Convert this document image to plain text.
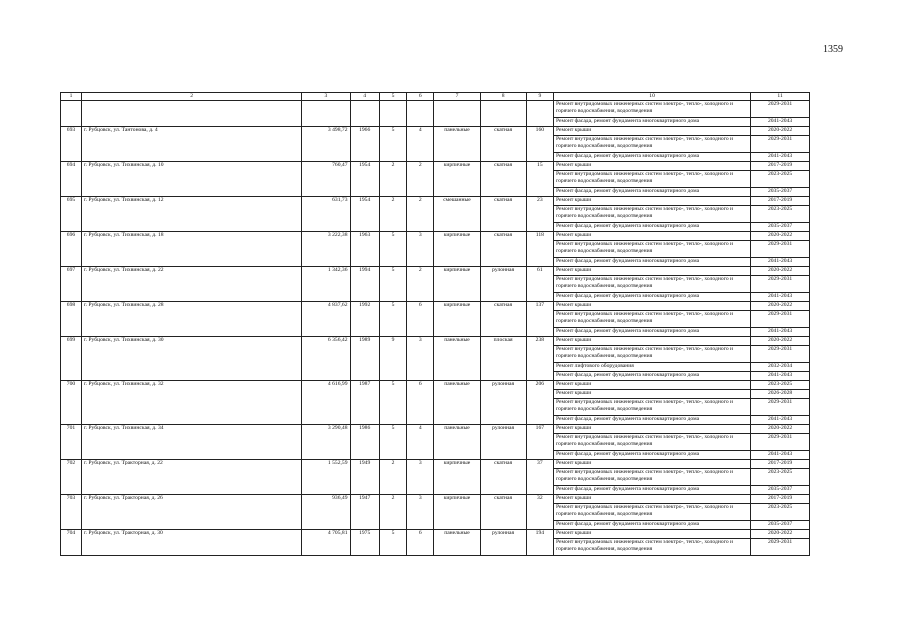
1359
1	2	3	4	5	6	7	8	9	10	11
									Ремонт внутридомовых инженерных систем электро-, тепло-, холодного и горячего водоснабжения, водоотведения	2029-2031
									Ремонт фасада, ремонт фундамента многоквартирного дома	2041-2043
693	г. Рубцовск, ул. Тантонова, д. 4	3 498,72	1966	5	4	панельные	скатная	160	Ремонт крыши	2020-2022
									Ремонт внутридомовых инженерных систем электро-, тепло-, холодного и горячего водоснабжения, водоотведения	2029-2031
									Ремонт фасада, ремонт фундамента многоквартирного дома	2041-2043
694	г. Рубцовск, ул. Тихвинская, д. 10	760,47	1954	2	2	кирпичные	скатная	15	Ремонт крыши	2017-2019
									Ремонт внутридомовых инженерных систем электро-, тепло-, холодного и горячего водоснабжения, водоотведения	2023-2025
									Ремонт фасада, ремонт фундамента многоквартирного дома	2035-2037
695	г. Рубцовск, ул. Тихвинская, д. 12	631,73	1954	2	2	смешанные	скатная	23	Ремонт крыши	2017-2019
									Ремонт внутридомовых инженерных систем электро-, тепло-, холодного и горячего водоснабжения, водоотведения	2023-2025
									Ремонт фасада, ремонт фундамента многоквартирного дома	2035-2037
696	г. Рубцовск, ул. Тихвинская, д. 18	3 222,38	1963	5	3	кирпичные	скатная	118	Ремонт крыши	2020-2022
									Ремонт внутридомовых инженерных систем электро-, тепло-, холодного и горячего водоснабжения, водоотведения	2029-2031
									Ремонт фасада, ремонт фундамента многоквартирного дома	2041-2043
697	г. Рубцовск, ул. Тихвинская, д. 22	1 342,36	1994	5	2	кирпичные	рулонная	61	Ремонт крыши	2020-2022
									Ремонт внутридомовых инженерных систем электро-, тепло-, холодного и горячего водоснабжения, водоотведения	2029-2031
									Ремонт фасада, ремонт фундамента многоквартирного дома	2041-2043
698	г. Рубцовск, ул. Тихвинская, д. 28	4 837,62	1992	5	6	кирпичные	скатная	137	Ремонт крыши	2020-2022
									Ремонт внутридомовых инженерных систем электро-, тепло-, холодного и горячего водоснабжения, водоотведения	2029-2031
									Ремонт фасада, ремонт фундамента многоквартирного дома	2041-2043
699	г. Рубцовск, ул. Тихвинская, д. 30	6 356,42	1989	9	3	панельные	плоская	238	Ремонт крыши	2020-2022
									Ремонт внутридомовых инженерных систем электро-, тепло-, холодного и горячего водоснабжения, водоотведения	2029-2031
									Ремонт лифтового оборудования	2032-2034
									Ремонт фасада, ремонт фундамента многоквартирного дома	2041-2043
700	г. Рубцовск, ул. Тихвинская, д. 32	4 616,99	1987	5	6	панельные	рулонная	206	Ремонт крыши	2023-2025
									Ремонт крыши	2026-2028
									Ремонт внутридомовых инженерных систем электро-, тепло-, холодного и горячего водоснабжения, водоотведения	2029-2031
									Ремонт фасада, ремонт фундамента многоквартирного дома	2041-2043
701	г. Рубцовск, ул. Тихвинская, д. 34	3 290,48	1986	5	4	панельные	рулонная	167	Ремонт крыши	2020-2022
									Ремонт внутридомовых инженерных систем электро-, тепло-, холодного и горячего водоснабжения, водоотведения	2029-2031
									Ремонт фасада, ремонт фундамента многоквартирного дома	2041-2043
702	г. Рубцовск, ул. Тракторная, д. 22	1 552,59	1949	2	3	кирпичные	скатная	37	Ремонт крыши	2017-2019
									Ремонт внутридомовых инженерных систем электро-, тепло-, холодного и горячего водоснабжения, водоотведения	2023-2025
									Ремонт фасада, ремонт фундамента многоквартирного дома	2035-2037
703	г. Рубцовск, ул. Тракторная, д. 26	936,49	1947	2	3	кирпичные	скатная	32	Ремонт крыши	2017-2019
									Ремонт внутридомовых инженерных систем электро-, тепло-, холодного и горячего водоснабжения, водоотведения	2023-2025
									Ремонт фасада, ремонт фундамента многоквартирного дома	2035-2037
704	г. Рубцовск, ул. Тракторная, д. 30	4 705,81	1975	5	6	панельные	рулонная	194	Ремонт крыши	2020-2022
									Ремонт внутридомовых инженерных систем электро-, тепло-, холодного и горячего водоснабжения, водоотведения	2029-2031
